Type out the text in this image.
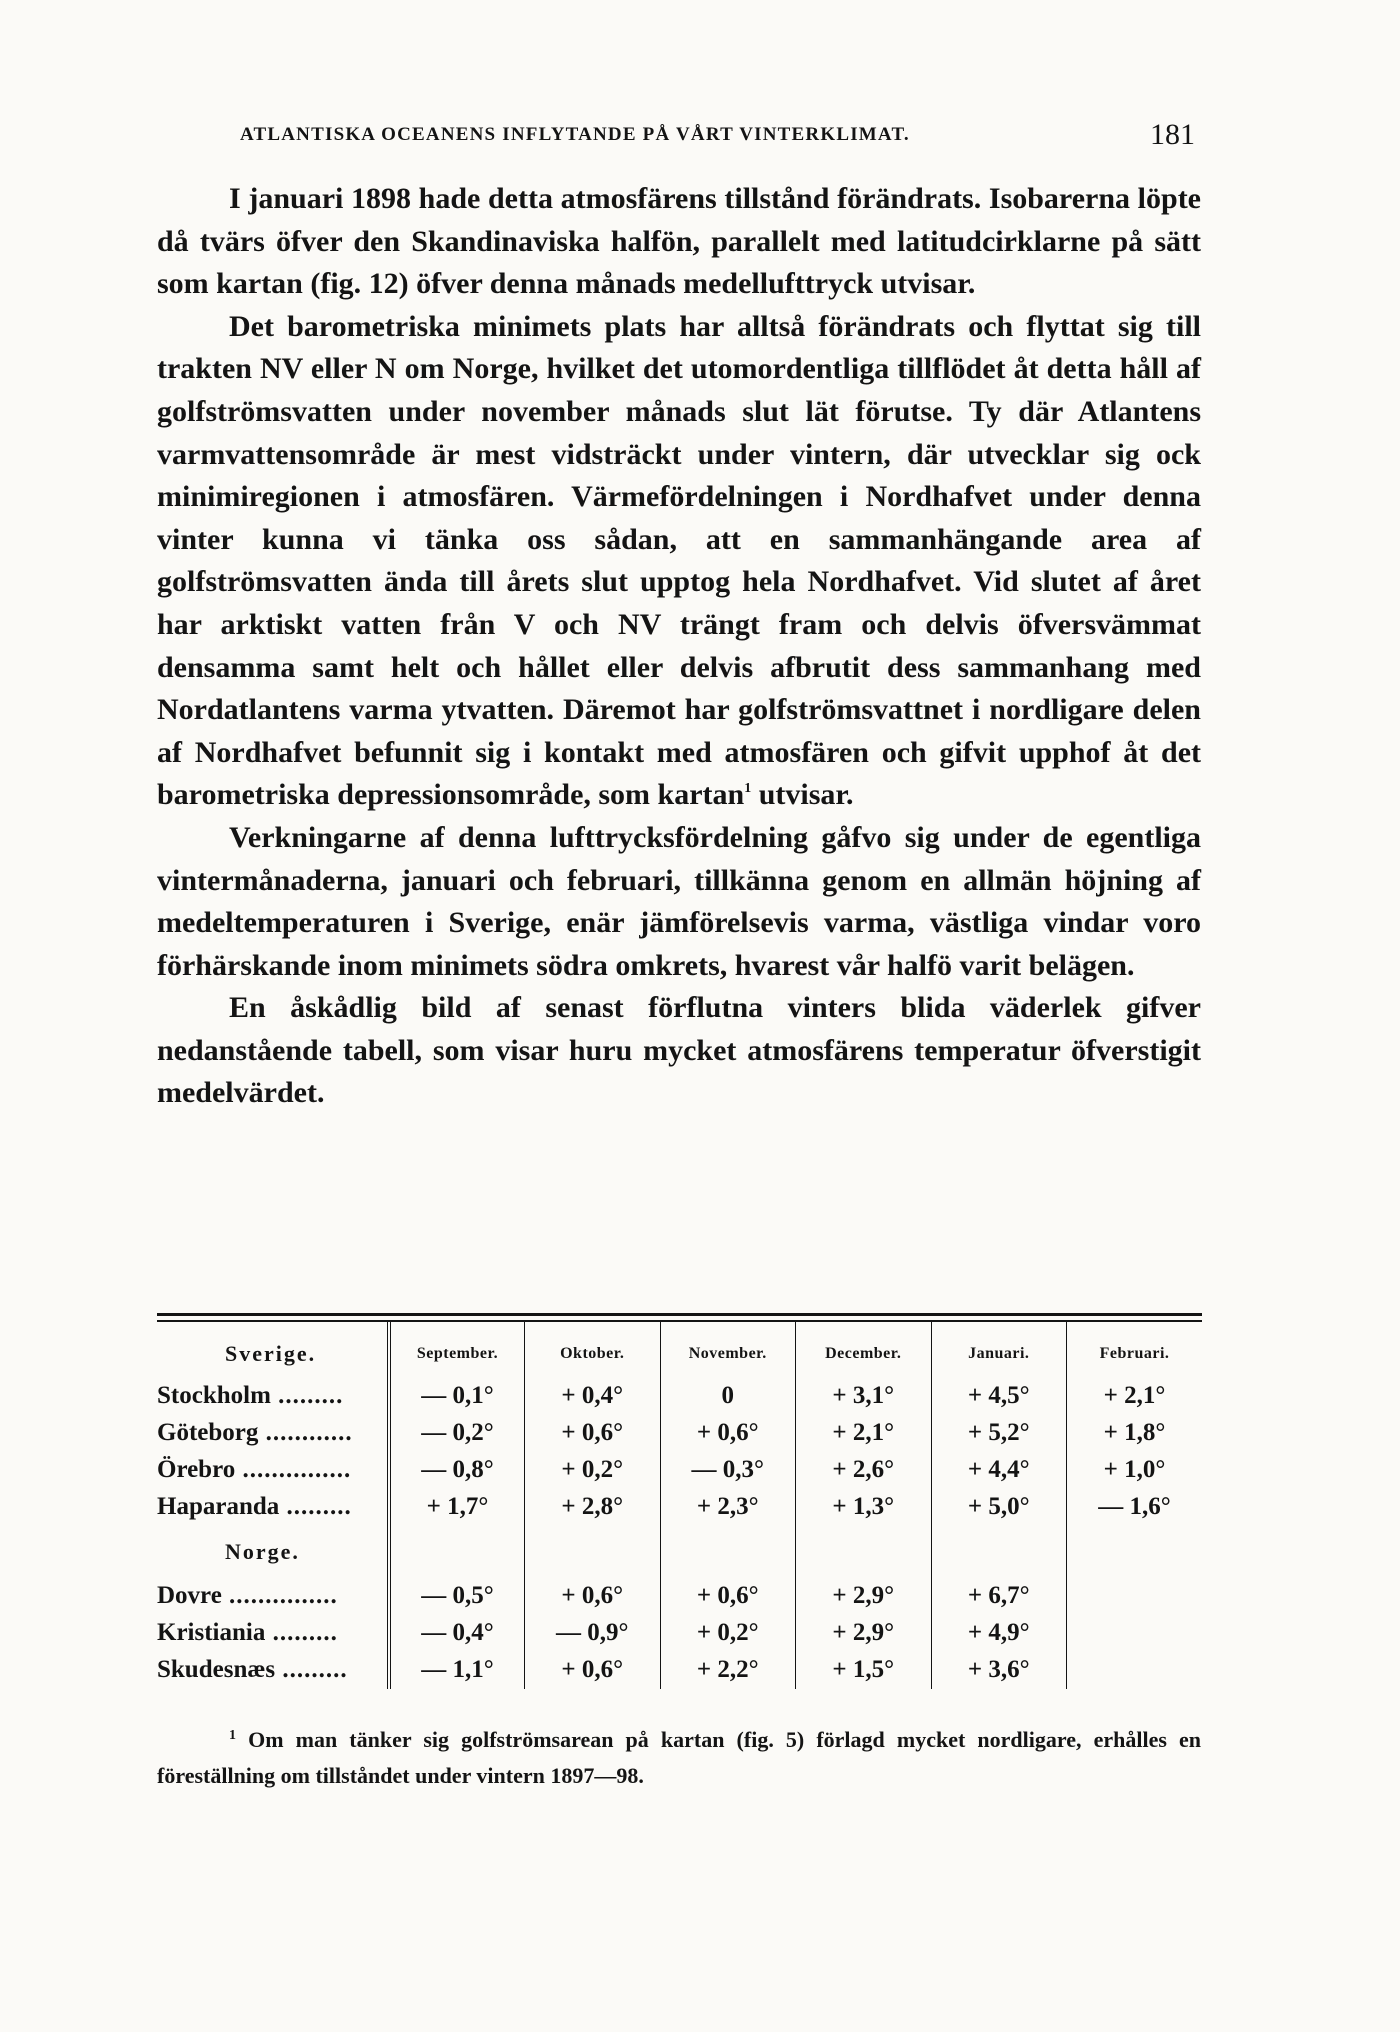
ATLANTISKA OCEANENS INFLYTANDE PÅ VÅRT VINTERKLIMAT.	181

I januari 1898 hade detta atmosfärens tillstånd förändrats. Isobarerna löpte då tvärs öfver den Skandinaviska halfön, parallelt med latitudcirklarne på sätt som kartan (fig. 12) öfver denna månads medellufttryck utvisar.

Det barometriska minimets plats har alltså förändrats och flyttat sig till trakten NV eller N om Norge, hvilket det utomordentliga tillflödet åt detta håll af golfströmsvatten under november månads slut lät förutse. Ty där Atlantens varmvattensområde är mest vidsträckt under vintern, där utvecklar sig ock minimiregionen i atmosfären. Värmefördelningen i Nordhafvet under denna vinter kunna vi tänka oss sådan, att en sammanhängande area af golfströmsvatten ända till årets slut upptog hela Nordhafvet. Vid slutet af året har arktiskt vatten från V och NV trängt fram och delvis öfversvämmat densamma samt helt och hållet eller delvis afbrutit dess sammanhang med Nordatlantens varma ytvatten. Däremot har golfströmsvattnet i nordligare delen af Nordhafvet befunnit sig i kontakt med atmosfären och gifvit upphof åt det barometriska depressionsområde, som kartan$^1$ utvisar.

Verkningarne af denna lufttrycksfördelning gåfvo sig under de egentliga vintermånaderna, januari och februari, tillkänna genom en allmän höjning af medeltemperaturen i Sverige, enär jämförelsevis varma, västliga vindar voro förhärskande inom minimets södra omkrets, hvarest vår halfö varit belägen.

En åskådlig bild af senast förflutna vinters blida väderlek gifver nedanstående tabell, som visar huru mycket atmosfärens temperatur öfverstigit medelvärdet.

Sverige.	September.	Oktober.	November.	December.	Januari.	Februari.
Stockholm .........	— 0,1°	+ 0,4°	0	+ 3,1°	+ 4,5°	+ 2,1°
Göteborg ............	— 0,2°	+ 0,6°	+ 0,6°	+ 2,1°	+ 5,2°	+ 1,8°
Örebro ...............	— 0,8°	+ 0,2°	— 0,3°	+ 2,6°	+ 4,4°	+ 1,0°
Haparanda .........	+ 1,7°	+ 2,8°	+ 2,3°	+ 1,3°	+ 5,0°	— 1,6°
Norge.						
Dovre ...............	— 0,5°	+ 0,6°	+ 0,6°	+ 2,9°	+ 6,7°	
Kristiania .........	— 0,4°	— 0,9°	+ 0,2°	+ 2,9°	+ 4,9°	
Skudesnæs .........	— 1,1°	+ 0,6°	+ 2,2°	+ 1,5°	+ 3,6°	
$^1$ Om man tänker sig golfströmsarean på kartan (fig. 5) förlagd mycket nordligare, erhålles en föreställning om tillståndet under vintern 1897—98.
